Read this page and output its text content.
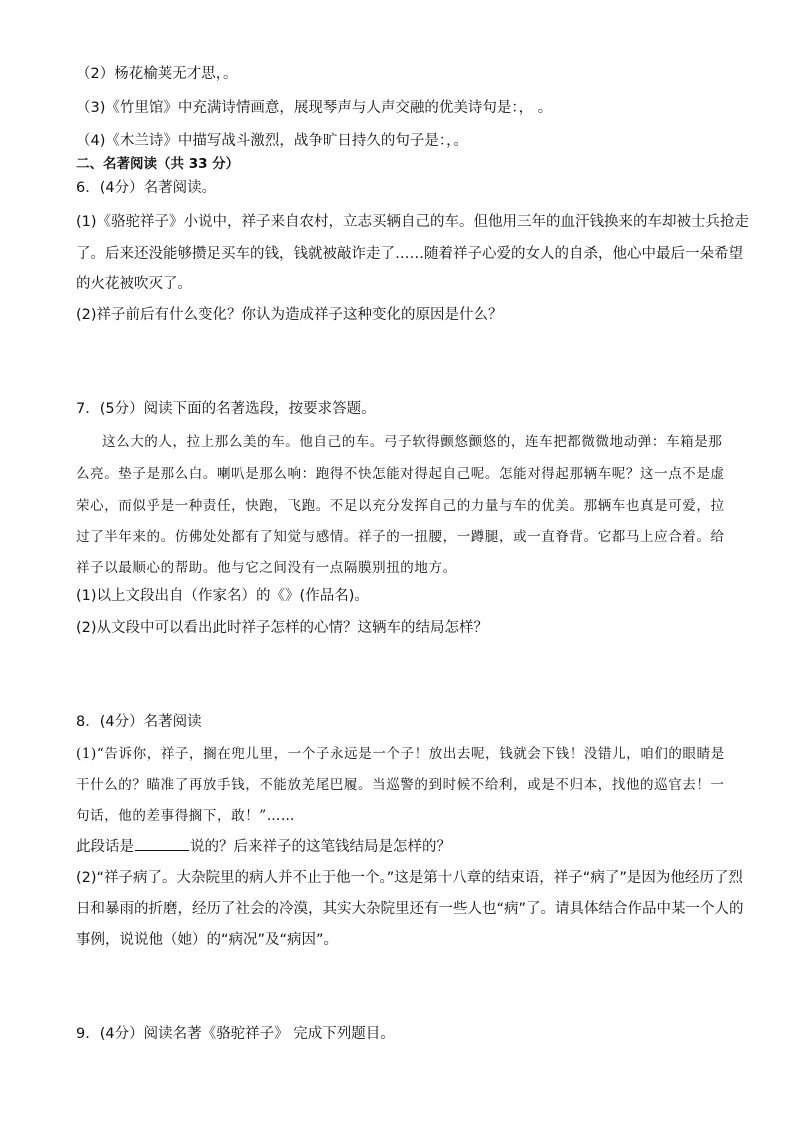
（2）杨花榆荚无才思，。
（3)《竹里馆》中充满诗情画意，展现琴声与人声交融的优美诗句是：， 。
（4)《木兰诗》中描写战斗激烈，战争旷日持久的句子是：，。
二、名著阅读（共 33 分）
6．(4分）名著阅读。
(1)《骆驼祥子》小说中，祥子来自农村，立志买辆自己的车。但他用三年的血汗钱换来的车却被士兵抢走
了。后来还没能够攒足买车的钱，钱就被敲诈走了……随着祥子心爱的女人的自杀，他心中最后一朵希望
的火花被吹灭了。
(2)祥子前后有什么变化？你认为造成祥子这种变化的原因是什么？
7．(5分）阅读下面的名著选段，按要求答题。
这么大的人，拉上那么美的车。他自己的车。弓子软得颤悠颤悠的，连车把都微微地动弹：车箱是那
么亮。垫子是那么白。喇叭是那么响：跑得不快怎能对得起自己呢。怎能对得起那辆车呢？这一点不是虚
荣心，而似乎是一种责任，快跑，飞跑。不足以充分发挥自己的力量与车的优美。那辆车也真是可爱，拉
过了半年来的。仿佛处处都有了知觉与感情。祥子的一扭腰，一蹲腿，或一直脊背。它都马上应合着。给
祥子以最顺心的帮助。他与它之间没有一点隔膜别扭的地方。
(1)以上文段出自（作家名）的《》(作品名)。
(2)从文段中可以看出此时祥子怎样的心情？这辆车的结局怎样？
8．(4分）名著阅读
(1)“告诉你，祥子，搁在兜儿里，一个子永远是一个子！放出去呢，钱就会下钱！没错儿，咱们的眼睛是
干什么的？瞄准了再放手钱，不能放羌尾巴履。当巡警的到时候不给利，或是不归本，找他的巡官去！一
句话，他的差事得搁下，敢！”……
此段话是	说的？后来祥子的这笔钱结局是怎样的？
(2)“祥子病了。大杂院里的病人并不止于他一个。”这是第十八章的结束语，祥子“病了”是因为他经历了烈
日和暴雨的折磨，经历了社会的冷漠，其实大杂院里还有一些人也“病”了。请具体结合作品中某一个人的
事例，说说他（她）的“病况”及“病因”。
9．(4分）阅读名著《骆驼祥子》 完成下列题目。
